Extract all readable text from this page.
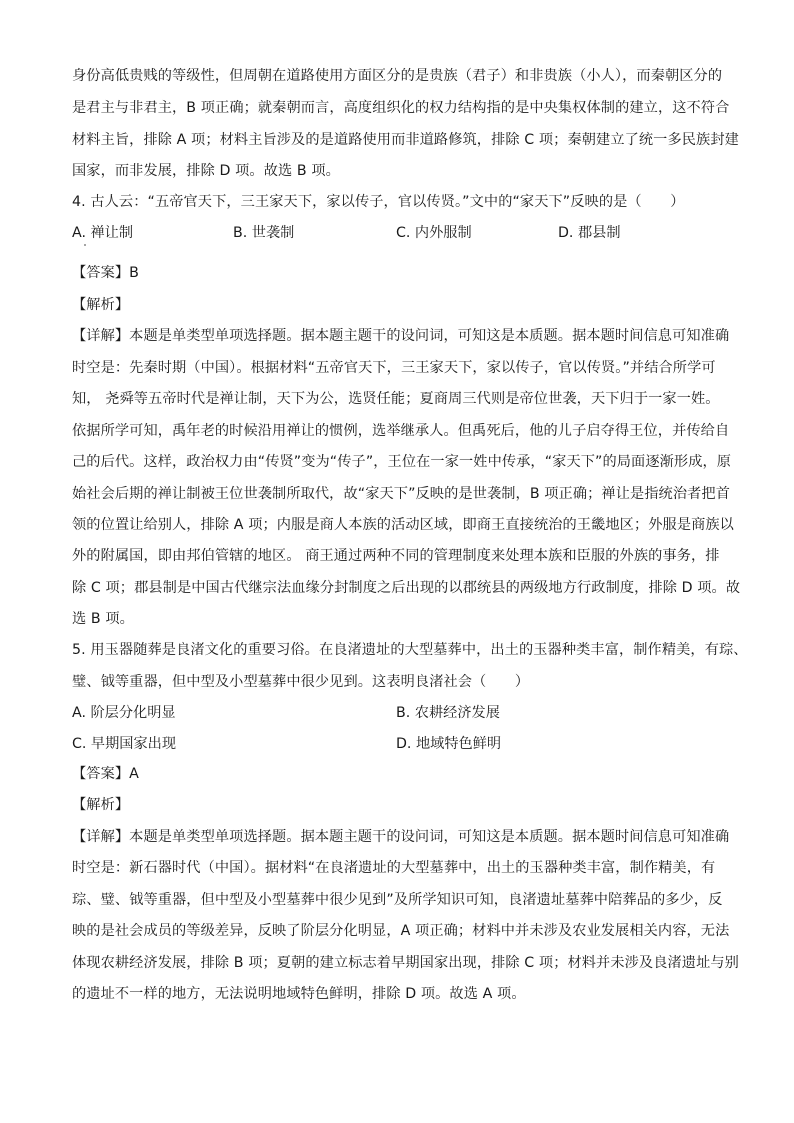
身份高低贵贱的等级性，但周朝在道路使用方面区分的是贵族（君子）和非贵族（小人），而秦朝区分的
是君主与非君主，B 项正确；就秦朝而言，高度组织化的权力结构指的是中央集权体制的建立，这不符合
材料主旨，排除 A 项；材料主旨涉及的是道路使用而非道路修筑，排除 C 项；秦朝建立了统一多民族封建
国家，而非发展，排除 D 项。故选 B 项。
4. 古人云：“五帝官天下，三王家天下，家以传子，官以传贤。”文中的“家天下”反映的是（　　）
A. 禅让制	B. 世袭制	C. 内外服制	D. 郡县制
【答案】B
【解析】
【详解】本题是单类型单项选择题。据本题主题干的设问词，可知这是本质题。据本题时间信息可知准确
时空是：先秦时期（中国）。根据材料“五帝官天下，三王家天下，家以传子，官以传贤。”并结合所学可
知， 尧舜等五帝时代是禅让制，天下为公，选贤任能；夏商周三代则是帝位世袭，天下归于一家一姓。
依据所学可知，禹年老的时候沿用禅让的惯例，选举继承人。但禹死后，他的儿子启夺得王位，并传给自
己的后代。这样，政治权力由“传贤”变为“传子”，王位在一家一姓中传承，“家天下”的局面逐渐形成，原
始社会后期的禅让制被王位世袭制所取代，故“家天下”反映的是世袭制，B 项正确；禅让是指统治者把首
领的位置让给别人，排除 A 项；内服是商人本族的活动区域，即商王直接统治的王畿地区；外服是商族以
外的附属国，即由邦伯管辖的地区。 商王通过两种不同的管理制度来处理本族和臣服的外族的事务，排
除 C 项；郡县制是中国古代继宗法血缘分封制度之后出现的以郡统县的两级地方行政制度，排除 D 项。故
选 B 项。
5. 用玉器随葬是良渚文化的重要习俗。在良渚遗址的大型墓葬中，出土的玉器种类丰富，制作精美，有琮、
璧、钺等重器，但中型及小型墓葬中很少见到。这表明良渚社会（　　）
A. 阶层分化明显	B. 农耕经济发展
C. 早期国家出现	D. 地域特色鲜明
【答案】A
【解析】
【详解】本题是单类型单项选择题。据本题主题干的设问词，可知这是本质题。据本题时间信息可知准确
时空是：新石器时代（中国）。据材料“在良渚遗址的大型墓葬中，出土的玉器种类丰富，制作精美，有
琮、璧、钺等重器，但中型及小型墓葬中很少见到”及所学知识可知，良渚遗址墓葬中陪葬品的多少，反
映的是社会成员的等级差异，反映了阶层分化明显，A 项正确；材料中并未涉及农业发展相关内容，无法
体现农耕经济发展，排除 B 项；夏朝的建立标志着早期国家出现，排除 C 项；材料并未涉及良渚遗址与别
的遗址不一样的地方，无法说明地域特色鲜明，排除 D 项。故选 A 项。
